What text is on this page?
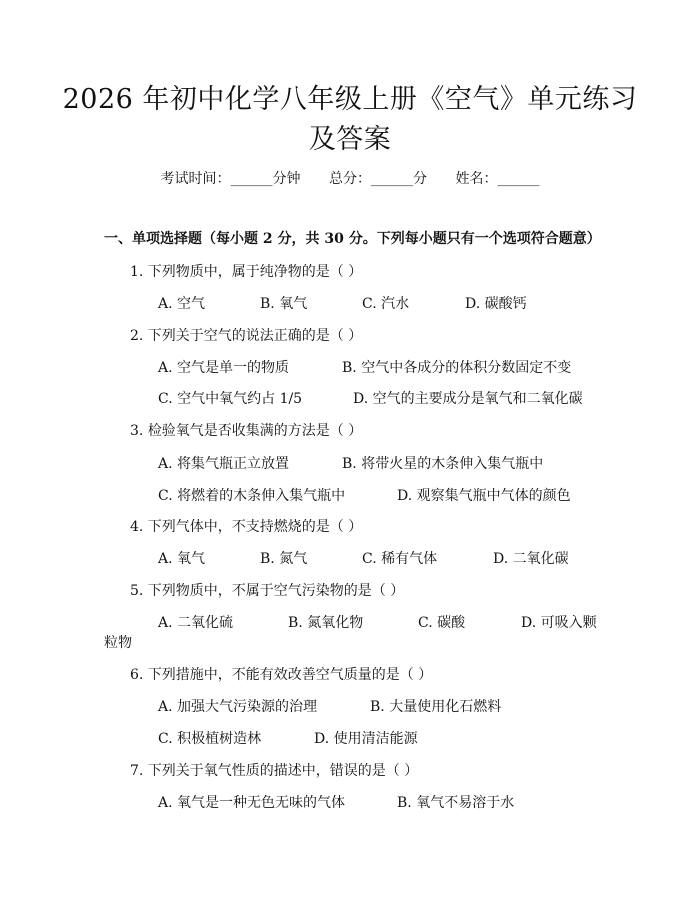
2026 年初中化学八年级上册《空气》单元练习及答案
考试时间：______分钟 总分：______分 姓名：______
一、单项选择题（每小题 2 分，共 30 分。下列每小题只有一个选项符合题意）
1. 下列物质中，属于纯净物的是（ ）
A. 空气	B. 氧气	C. 汽水	D. 碳酸钙
2. 下列关于空气的说法正确的是（ ）
A. 空气是单一的物质	B. 空气中各成分的体积分数固定不变
C. 空气中氧气约占 1/5	D. 空气的主要成分是氧气和二氧化碳
3. 检验氧气是否收集满的方法是（ ）
A. 将集气瓶正立放置	B. 将带火星的木条伸入集气瓶中
C. 将燃着的木条伸入集气瓶中	D. 观察集气瓶中气体的颜色
4. 下列气体中，不支持燃烧的是（ ）
A. 氧气	B. 氮气	C. 稀有气体	D. 二氧化碳
5. 下列物质中，不属于空气污染物的是（ ）
A. 二氧化硫	B. 氮氧化物	C. 碳酸	D. 可吸入颗
粒物
6. 下列措施中，不能有效改善空气质量的是（ ）
A. 加强大气污染源的治理	B. 大量使用化石燃料
C. 积极植树造林	D. 使用清洁能源
7. 下列关于氧气性质的描述中，错误的是（ ）
A. 氧气是一种无色无味的气体	B. 氧气不易溶于水
